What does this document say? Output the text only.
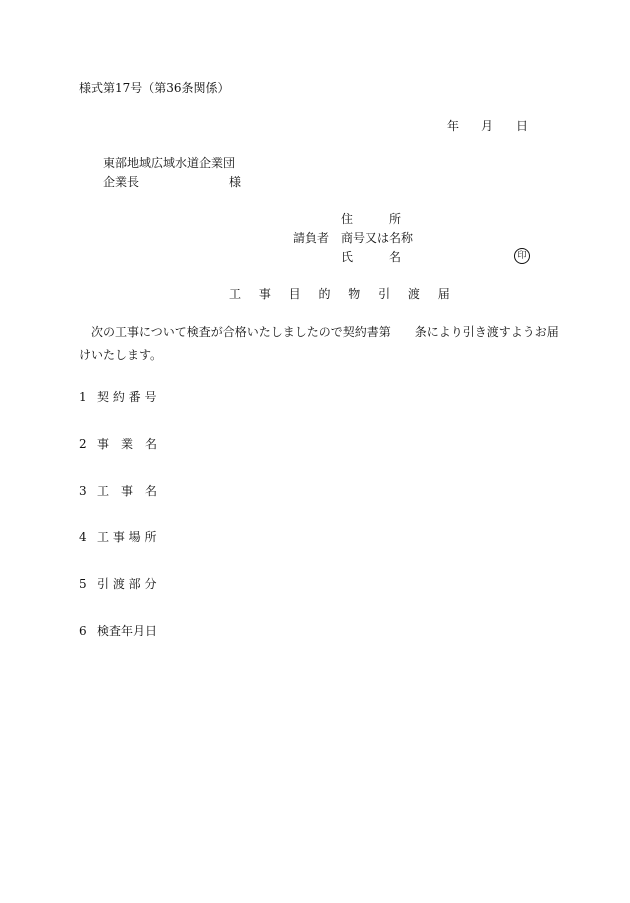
様式第17号（第36条関係）
年 月 日
東部地域広域水道企業団
企業長	様
住　　　所
請負者 商号又は名称
氏　　　名	印
工 事 目 的 物 引 渡 届
次の工事について検査が合格いたしましたので契約書第　　条により引き渡すようお届
けいたします。
1 契 約 番 号
2 事　業　名
3 工　事　名
4 工 事 場 所
5 引 渡 部 分
6 検査年月日
